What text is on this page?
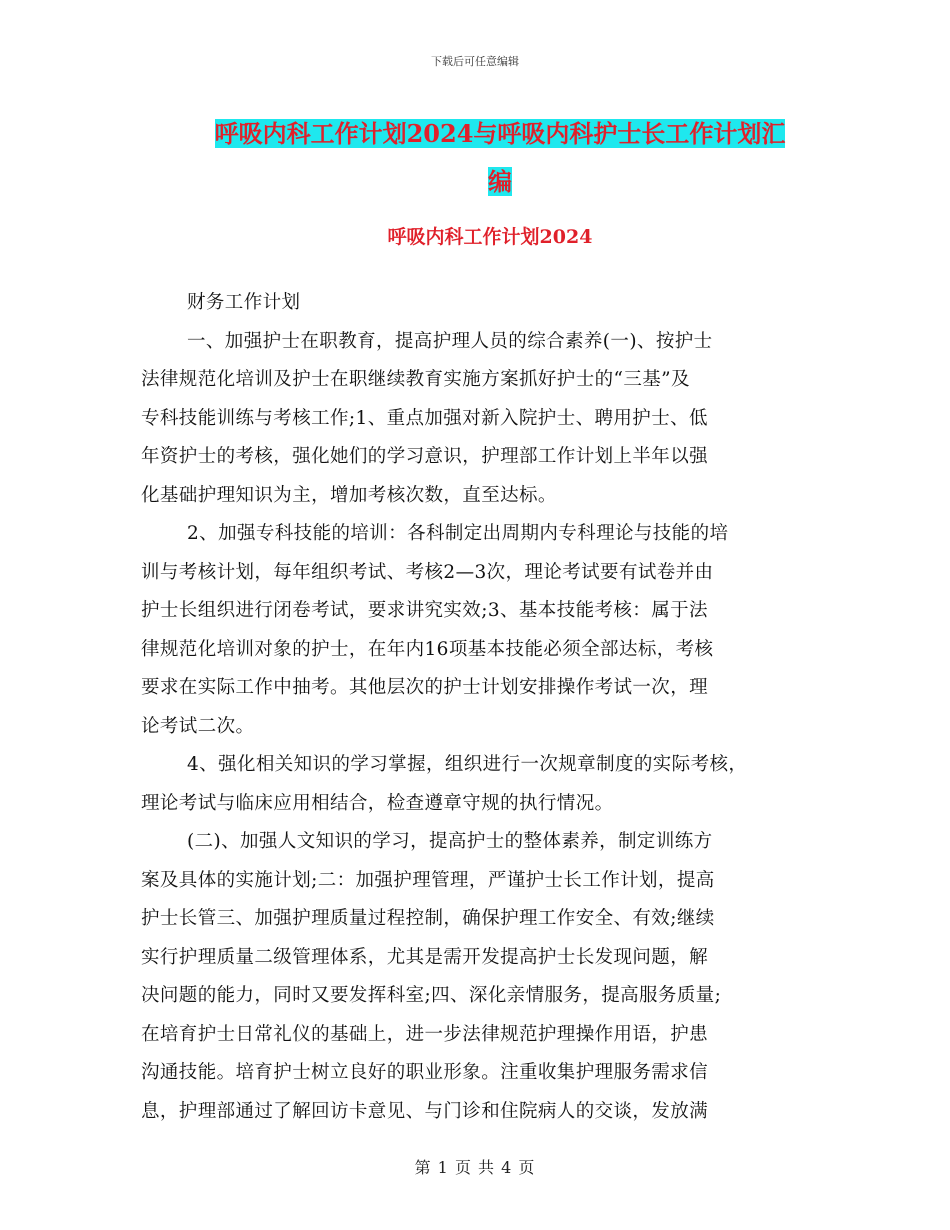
下载后可任意编辑
呼吸内科工作计划2024与呼吸内科护士长工作计划汇
编
呼吸内科工作计划2024
财务工作计划
一、加强护士在职教育，提高护理人员的综合素养(一)、按护士
法律规范化培训及护士在职继续教育实施方案抓好护士的“三基”及
专科技能训练与考核工作;1、重点加强对新入院护士、聘用护士、低
年资护士的考核，强化她们的学习意识，护理部工作计划上半年以强
化基础护理知识为主，增加考核次数，直至达标。
2、加强专科技能的培训：各科制定出周期内专科理论与技能的培
训与考核计划，每年组织考试、考核2—3次，理论考试要有试卷并由
护士长组织进行闭卷考试，要求讲究实效;3、基本技能考核：属于法
律规范化培训对象的护士，在年内16项基本技能必须全部达标，考核
要求在实际工作中抽考。其他层次的护士计划安排操作考试一次，理
论考试二次。
4、强化相关知识的学习掌握，组织进行一次规章制度的实际考核，
理论考试与临床应用相结合，检查遵章守规的执行情况。
(二)、加强人文知识的学习，提高护士的整体素养，制定训练方
案及具体的实施计划;二：加强护理管理，严谨护士长工作计划，提高
护士长管三、加强护理质量过程控制，确保护理工作安全、有效;继续
实行护理质量二级管理体系，尤其是需开发提高护士长发现问题，解
决问题的能力，同时又要发挥科室;四、深化亲情服务，提高服务质量;
在培育护士日常礼仪的基础上，进一步法律规范护理操作用语，护患
沟通技能。培育护士树立良好的职业形象。注重收集护理服务需求信
息，护理部通过了解回访卡意见、与门诊和住院病人的交谈，发放满
第 1 页 共 4 页
